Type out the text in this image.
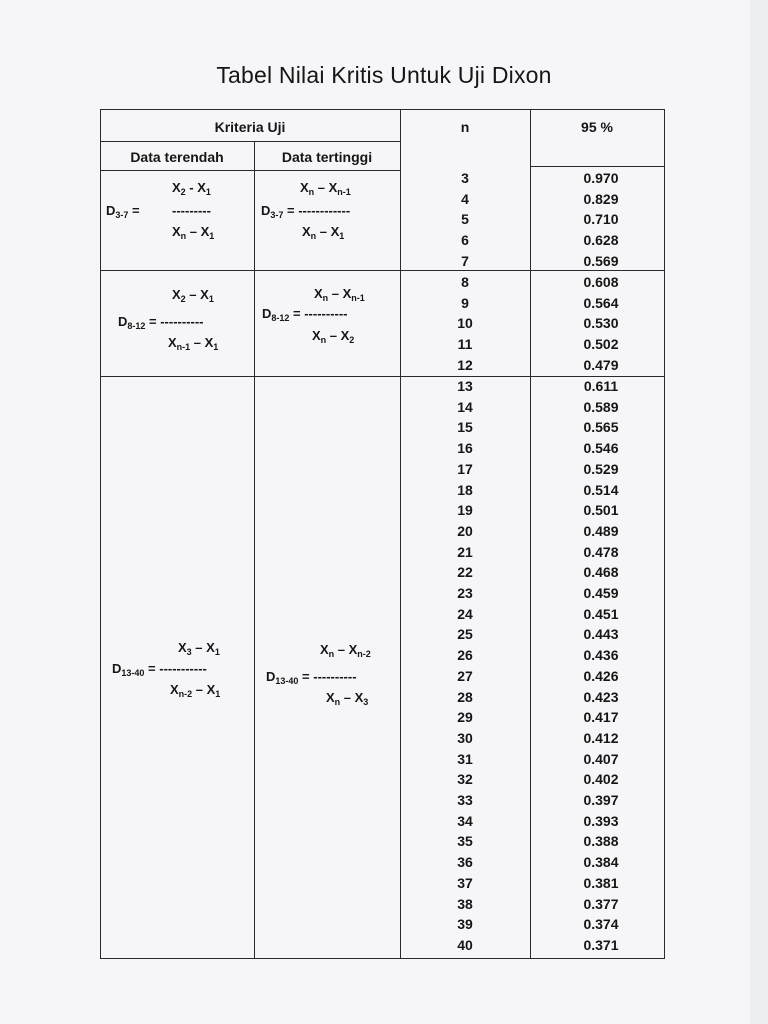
Tabel Nilai Kritis Untuk Uji Dixon
Kriteria Uji
Data terendah	Data tertinggi
n	95 %
$X_2 - X_1$
$D_{3-7}$ = ---------
$X_n - X_1$
$X_n - X_{n-1}$
$D_{3-7}$ = ------------
$X_n - X_1$
$X_2 - X_1$
$D_{8-12}$ = ----------
$X_{n-1} - X_1$
$X_n - X_{n-1}$
$D_{8-12}$ = ----------
$X_n - X_2$
$X_3 - X_1$
$D_{13-40}$ = -----------
$X_{n-2} - X_1$
$X_n - X_{n-2}$
$D_{13-40}$ = ----------
$X_n - X_3$
3
4
5
6
7
0.970
0.829
0.710
0.628
0.569
8
9
10
11
12
0.608
0.564
0.530
0.502
0.479
13
14
15
16
17
18
19
20
21
22
23
24
25
26
27
28
29
30
31
32
33
34
35
36
37
38
39
40
0.611
0.589
0.565
0.546
0.529
0.514
0.501
0.489
0.478
0.468
0.459
0.451
0.443
0.436
0.426
0.423
0.417
0.412
0.407
0.402
0.397
0.393
0.388
0.384
0.381
0.377
0.374
0.371
